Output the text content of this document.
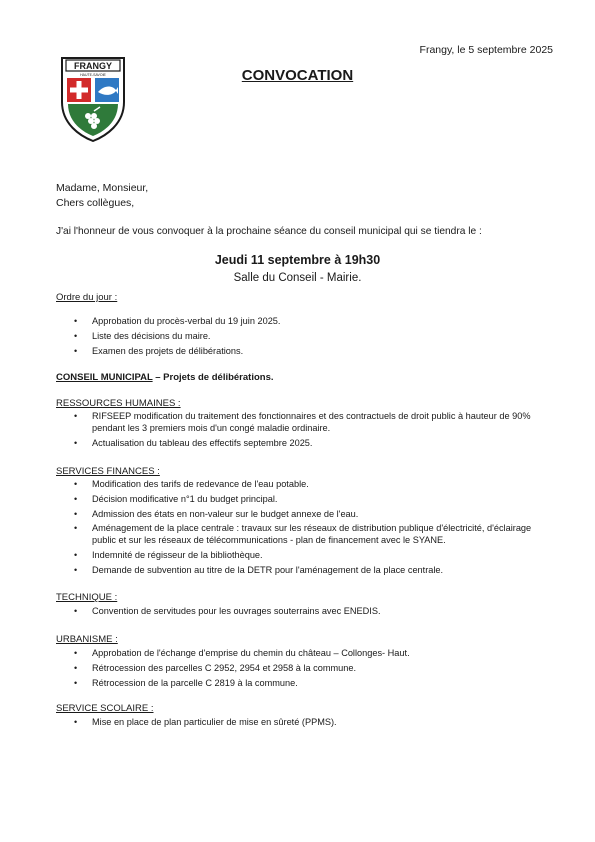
Frangy, le 5 septembre 2025
FRANGY
HAUTE-SAVOIE	CONVOCATION
Madame, Monsieur,
Chers collègues,
J'ai l'honneur de vous convoquer à la prochaine séance du conseil municipal qui se tiendra le :
Jeudi 11 septembre à 19h30
Salle du Conseil - Mairie.
Ordre du jour :
• Approbation du procès-verbal du 19 juin 2025.
• Liste des décisions du maire.
• Examen des projets de délibérations.
CONSEIL MUNICIPAL – Projets de délibérations.
RESSOURCES HUMAINES :
• RIFSEEP modification du traitement des fonctionnaires et des contractuels de droit public à hauteur de 90% pendant les 3 premiers mois d'un congé maladie ordinaire.
• Actualisation du tableau des effectifs septembre 2025.
SERVICES FINANCES :
• Modification des tarifs de redevance de l'eau potable.
• Décision modificative n°1 du budget principal.
• Admission des états en non-valeur sur le budget annexe de l'eau.
• Aménagement de la place centrale : travaux sur les réseaux de distribution publique d'électricité, d'éclairage public et sur les réseaux de télécommunications - plan de financement avec le SYANE.
• Indemnité de régisseur de la bibliothèque.
• Demande de subvention au titre de la DETR pour l'aménagement de la place centrale.
TECHNIQUE :
• Convention de servitudes pour les ouvrages souterrains avec ENEDIS.
URBANISME :
• Approbation de l'échange d'emprise du chemin du château – Collonges- Haut.
• Rétrocession des parcelles C 2952, 2954 et 2958 à la commune.
• Rétrocession de la parcelle C 2819 à la commune.
SERVICE SCOLAIRE :
• Mise en place de plan particulier de mise en sûreté (PPMS).
